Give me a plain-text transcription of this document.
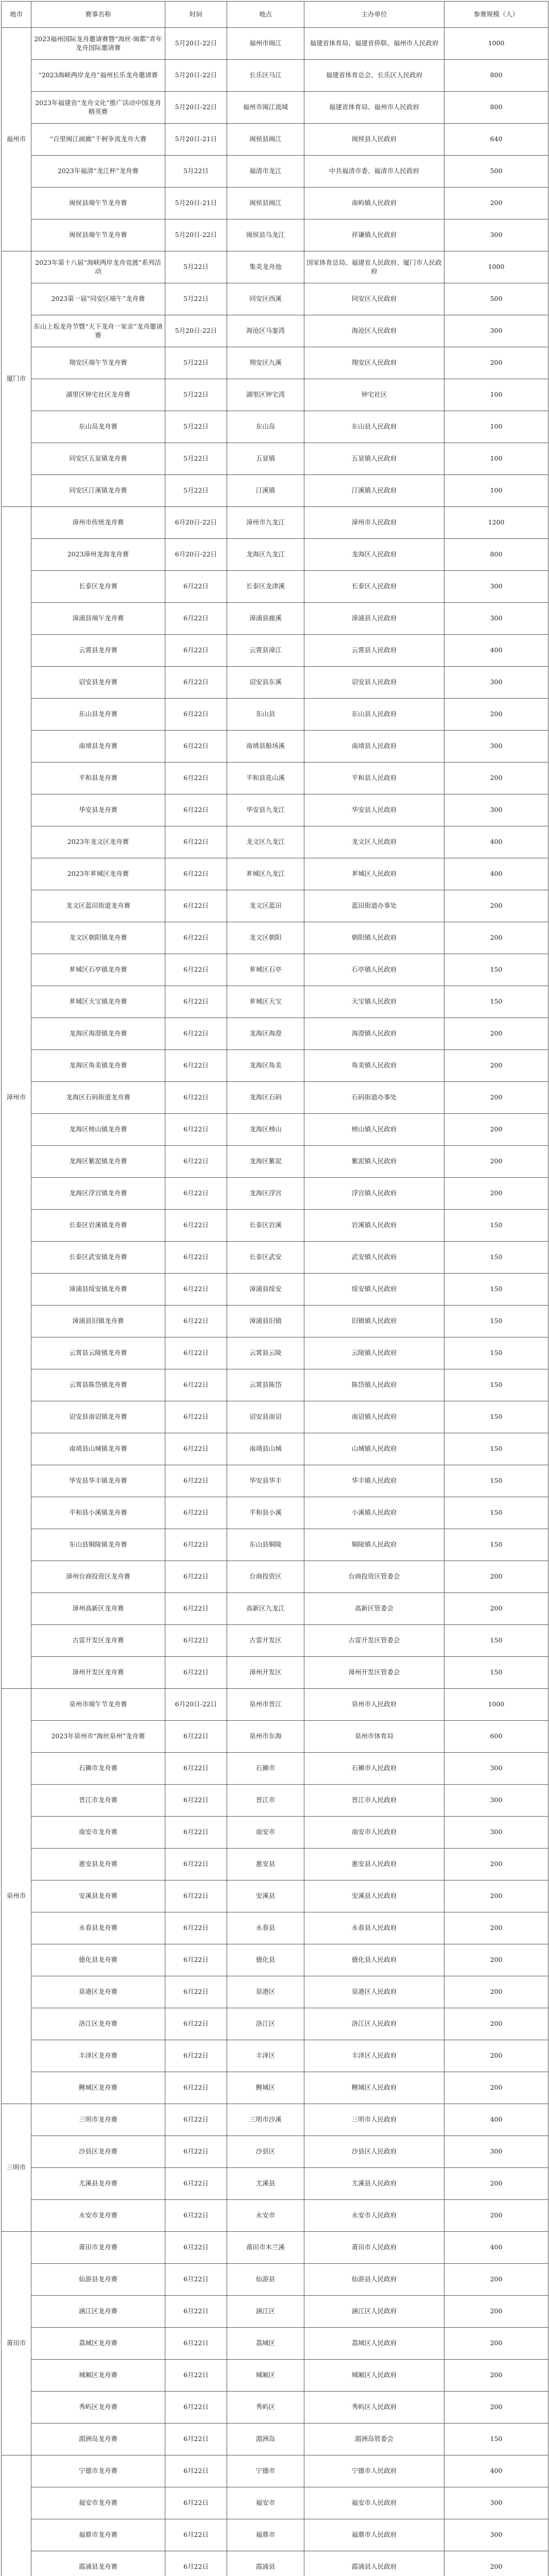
地市	赛事名称	时间	地点	主办单位	参赛规模（人）
福州市	2023福州国际龙舟邀请赛暨“海丝·闽都”青年龙舟国际邀请赛	5月20日-22日	福州市闽江	福建省体育局、福建省侨联、福州市人民政府	1000
	“2023海峡两岸龙舟”福州长乐龙舟邀请赛	5月20日-22日	长乐区马江	福建省体育总会、长乐区人民政府	800
	2023年福建省“龙舟文化”推广活动中国龙舟精英赛	5月20日-22日	福州市闽江流域	福建省体育局、福州市人民政府	800
	“百里闽江画廊”千舸争流龙舟大赛	5月20日-21日	闽侯县闽江	闽侯县人民政府	640
	2023年福清“龙江杯”龙舟赛	5月22日	福清市龙江	中共福清市委、福清市人民政府	500
	闽侯县端午节龙舟赛	5月20日-21日	闽侯县闽江	南屿镇人民政府	200
	闽侯县端午节龙舟赛	5月20日-22日	闽侯县乌龙江	祥谦镇人民政府	300
厦门市	2023年第十八届“海峡两岸龙舟竞渡”系列活动	5月22日	集美龙舟池	国家体育总局、福建省人民政府、厦门市人民政府	1000
	2023第一届“同安区端午”龙舟赛	5月22日	同安区西溪	同安区人民政府	500
	东山上坂龙舟节暨“天下龙舟一家亲”龙舟邀请赛	5月20日-22日	海沧区马銮湾	海沧区人民政府	300
	翔安区端午节龙舟赛	5月22日	翔安区九溪	翔安区人民政府	200
	湖里区钟宅社区龙舟赛	5月22日	湖里区钟宅湾	钟宅社区	100
	东山岛龙舟赛	5月22日	东山岛	东山县人民政府	100
	同安区五显镇龙舟赛	5月22日	五显镇	五显镇人民政府	100
	同安区汀溪镇龙舟赛	5月22日	汀溪镇	汀溪镇人民政府	100
漳州市	漳州市传统龙舟赛	6月20日-22日	漳州市九龙江	漳州市人民政府	1200
	2023漳州龙海龙舟赛	6月20日-22日	龙海区九龙江	龙海区人民政府	800
	长泰区龙舟赛	6月22日	长泰区龙津溪	长泰区人民政府	300
	漳浦县端午龙舟赛	6月22日	漳浦县鹿溪	漳浦县人民政府	300
	云霄县龙舟赛	6月22日	云霄县漳江	云霄县人民政府	400
	诏安县龙舟赛	6月22日	诏安县东溪	诏安县人民政府	300
	东山县龙舟赛	6月22日	东山县	东山县人民政府	200
	南靖县龙舟赛	6月22日	南靖县船场溪	南靖县人民政府	300
	平和县龙舟赛	6月22日	平和县花山溪	平和县人民政府	200
	华安县龙舟赛	6月22日	华安县九龙江	华安县人民政府	300
	2023年龙文区龙舟赛	6月22日	龙文区九龙江	龙文区人民政府	400
	2023年芗城区龙舟赛	6月22日	芗城区九龙江	芗城区人民政府	400
	龙文区蓝田街道龙舟赛	6月22日	龙文区蓝田	蓝田街道办事处	200
	龙文区朝阳镇龙舟赛	6月22日	龙文区朝阳	朝阳镇人民政府	200
	芗城区石亭镇龙舟赛	6月22日	芗城区石亭	石亭镇人民政府	150
	芗城区天宝镇龙舟赛	6月22日	芗城区天宝	天宝镇人民政府	150
	龙海区海澄镇龙舟赛	6月22日	龙海区海澄	海澄镇人民政府	200
	龙海区角美镇龙舟赛	6月22日	龙海区角美	角美镇人民政府	200
	龙海区石码街道龙舟赛	6月22日	龙海区石码	石码街道办事处	200
	龙海区榜山镇龙舟赛	6月22日	龙海区榜山	榜山镇人民政府	200
	龙海区紫泥镇龙舟赛	6月22日	龙海区紫泥	紫泥镇人民政府	200
	龙海区浮宫镇龙舟赛	6月22日	龙海区浮宫	浮宫镇人民政府	200
	长泰区岩溪镇龙舟赛	6月22日	长泰区岩溪	岩溪镇人民政府	150
	长泰区武安镇龙舟赛	6月22日	长泰区武安	武安镇人民政府	150
	漳浦县绥安镇龙舟赛	6月22日	漳浦县绥安	绥安镇人民政府	150
	漳浦县旧镇龙舟赛	6月22日	漳浦县旧镇	旧镇镇人民政府	150
	云霄县云陵镇龙舟赛	6月22日	云霄县云陵	云陵镇人民政府	150
	云霄县陈岱镇龙舟赛	6月22日	云霄县陈岱	陈岱镇人民政府	150
	诏安县南诏镇龙舟赛	6月22日	诏安县南诏	南诏镇人民政府	150
	南靖县山城镇龙舟赛	6月22日	南靖县山城	山城镇人民政府	150
	华安县华丰镇龙舟赛	6月22日	华安县华丰	华丰镇人民政府	150
	平和县小溪镇龙舟赛	6月22日	平和县小溪	小溪镇人民政府	150
	东山县铜陵镇龙舟赛	6月22日	东山县铜陵	铜陵镇人民政府	150
	漳州台商投资区龙舟赛	6月22日	台商投资区	台商投资区管委会	200
	漳州高新区龙舟赛	6月22日	高新区九龙江	高新区管委会	200
	古雷开发区龙舟赛	6月22日	古雷开发区	古雷开发区管委会	150
	漳州开发区龙舟赛	6月22日	漳州开发区	漳州开发区管委会	150
泉州市	泉州市端午节龙舟赛	6月20日-22日	泉州市晋江	泉州市人民政府	1000
	2023年泉州市“海丝泉州”龙舟赛	6月22日	泉州市东海	泉州市体育局	600
	石狮市龙舟赛	6月22日	石狮市	石狮市人民政府	300
	晋江市龙舟赛	6月22日	晋江市	晋江市人民政府	300
	南安市龙舟赛	6月22日	南安市	南安市人民政府	300
	惠安县龙舟赛	6月22日	惠安县	惠安县人民政府	200
	安溪县龙舟赛	6月22日	安溪县	安溪县人民政府	200
	永春县龙舟赛	6月22日	永春县	永春县人民政府	200
	德化县龙舟赛	6月22日	德化县	德化县人民政府	200
	泉港区龙舟赛	6月22日	泉港区	泉港区人民政府	200
	洛江区龙舟赛	6月22日	洛江区	洛江区人民政府	200
	丰泽区龙舟赛	6月22日	丰泽区	丰泽区人民政府	200
	鲤城区龙舟赛	6月22日	鲤城区	鲤城区人民政府	200
三明市	三明市龙舟赛	6月22日	三明市沙溪	三明市人民政府	400
	沙县区龙舟赛	6月22日	沙县区	沙县区人民政府	300
	尤溪县龙舟赛	6月22日	尤溪县	尤溪县人民政府	200
	永安市龙舟赛	6月22日	永安市	永安市人民政府	200
莆田市	莆田市龙舟赛	6月22日	莆田市木兰溪	莆田市人民政府	400
	仙游县龙舟赛	6月22日	仙游县	仙游县人民政府	200
	涵江区龙舟赛	6月22日	涵江区	涵江区人民政府	200
	荔城区龙舟赛	6月22日	荔城区	荔城区人民政府	200
	城厢区龙舟赛	6月22日	城厢区	城厢区人民政府	200
	秀屿区龙舟赛	6月22日	秀屿区	秀屿区人民政府	200
	湄洲岛龙舟赛	6月22日	湄洲岛	湄洲岛管委会	150
	宁德市龙舟赛	6月22日	宁德市	宁德市人民政府	400
	福安市龙舟赛	6月22日	福安市	福安市人民政府	300
	福鼎市龙舟赛	6月22日	福鼎市	福鼎市人民政府	300
	霞浦县龙舟赛	6月22日	霞浦县	霞浦县人民政府	200
